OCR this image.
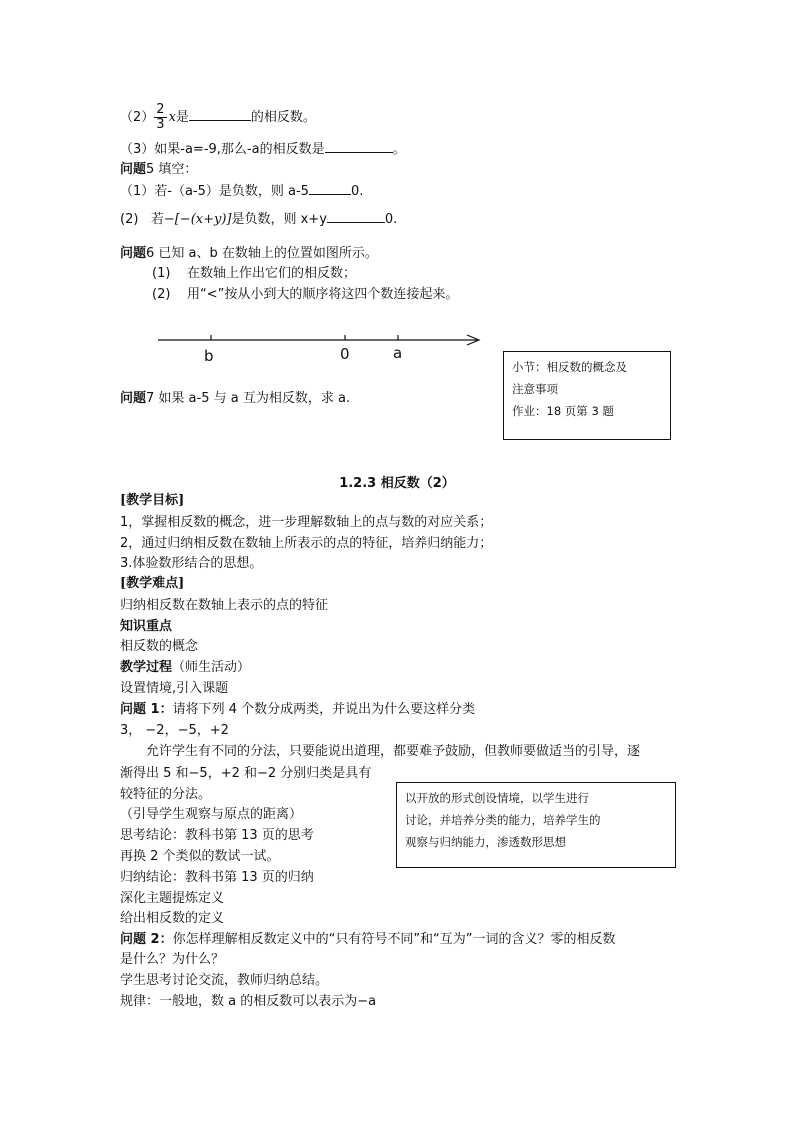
$(2) \frac{2}{3}$ x是	的相反数。
（3）如果-a=-9,那么-a的相反数是	。
问题5 填空：
（1）若-（a-5）是负数，则 a-5	0.
(2) 若−[−(x+y)]是负数，则 x+y	0.
问题6 已知 a、b 在数轴上的位置如图所示。
(1) 在数轴上作出它们的相反数；
(2) 用“<”按从小到大的顺序将这四个数连接起来。
b	0	a
小节：相反数的概念及
注意事项
作业：18 页第 3 题
问题7 如果 a-5 与 a 互为相反数，求 a.
1.2.3 相反数（2）
[教学目标]
1，掌握相反数的概念，进一步理解数轴上的点与数的对应关系；
2，通过归纳相反数在数轴上所表示的点的特征，培养归纳能力；
3.体验数形结合的思想。
[教学难点]
归纳相反数在数轴上表示的点的特征
知识重点
相反数的概念
教学过程（师生活动）
设置情境,引入课题
问题 1：请将下列 4 个数分成两类，并说出为什么要这样分类
3， −2，−5，+2
允许学生有不同的分法，只要能说出道理，都要难予鼓励，但教师要做适当的引导，逐
渐得出 5 和−5，+2 和−2 分别归类是具有
较特征的分法。
（引导学生观察与原点的距离）
思考结论：教科书第 13 页的思考
再换 2 个类似的数试一试。
归纳结论：教科书第 13 页的归纳
深化主题提炼定义
给出相反数的定义
问题 2：你怎样理解相反数定义中的“只有符号不同”和“互为”一词的含义？零的相反数
是什么？为什么？
学生思考讨论交流，教师归纳总结。
规律：一般地，数 a 的相反数可以表示为−a
以开放的形式创设情境，以学生进行
讨论，并培养分类的能力，培养学生的
观察与归纳能力，渗透数形思想
